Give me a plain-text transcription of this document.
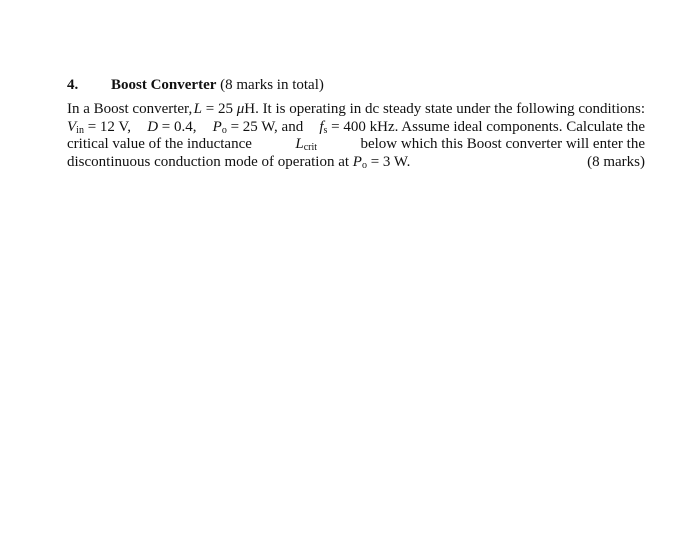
4. Boost Converter (8 marks in total)
In a Boost converter, L = 25 μH. It is operating in dc steady state under the following conditions:
$V_{in} = 12$ V, D = 0.4, $P_o = 25$ W, and $f_s = 400$ kHz. Assume ideal components. Calculate the
critical value of the inductance	$L_{crit}$	below which this Boost converter will enter the
discontinuous conduction mode of operation at $P_o = 3$ W.	(8 marks)
